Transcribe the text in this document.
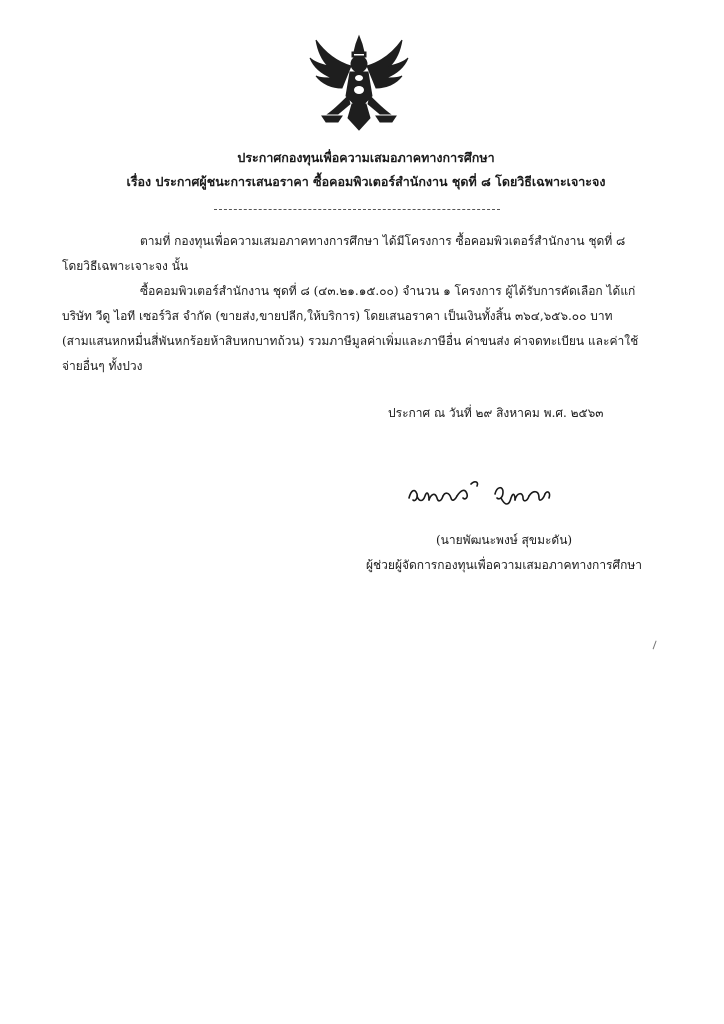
ประกาศกองทุนเพื่อความเสมอภาคทางการศึกษา
เรื่อง ประกาศผู้ชนะการเสนอราคา ซื้อคอมพิวเตอร์สำนักงาน ชุดที่ ๘ โดยวิธีเฉพาะเจาะจง
ตามที่ กองทุนเพื่อความเสมอภาคทางการศึกษา ได้มีโครงการ ซื้อคอมพิวเตอร์สำนักงาน ชุดที่ ๘
โดยวิธีเฉพาะเจาะจง นั้น
ซื้อคอมพิวเตอร์สำนักงาน ชุดที่ ๘ (๔๓.๒๑.๑๕.๐๐) จำนวน ๑ โครงการ ผู้ได้รับการคัดเลือก ได้แก่
บริษัท วีดู ไอที เซอร์วิส จำกัด (ขายส่ง,ขายปลีก,ให้บริการ) โดยเสนอราคา เป็นเงินทั้งสิ้น ๓๖๔,๖๕๖.๐๐ บาท
(สามแสนหกหมื่นสี่พันหกร้อยห้าสิบหกบาทถ้วน) รวมภาษีมูลค่าเพิ่มและภาษีอื่น ค่าขนส่ง ค่าจดทะเบียน และค่าใช้
จ่ายอื่นๆ ทั้งปวง
ประกาศ ณ วันที่ ๒๙ สิงหาคม พ.ศ. ๒๕๖๓
(นายพัฒนะพงษ์ สุขมะดัน)
ผู้ช่วยผู้จัดการกองทุนเพื่อความเสมอภาคทางการศึกษา
